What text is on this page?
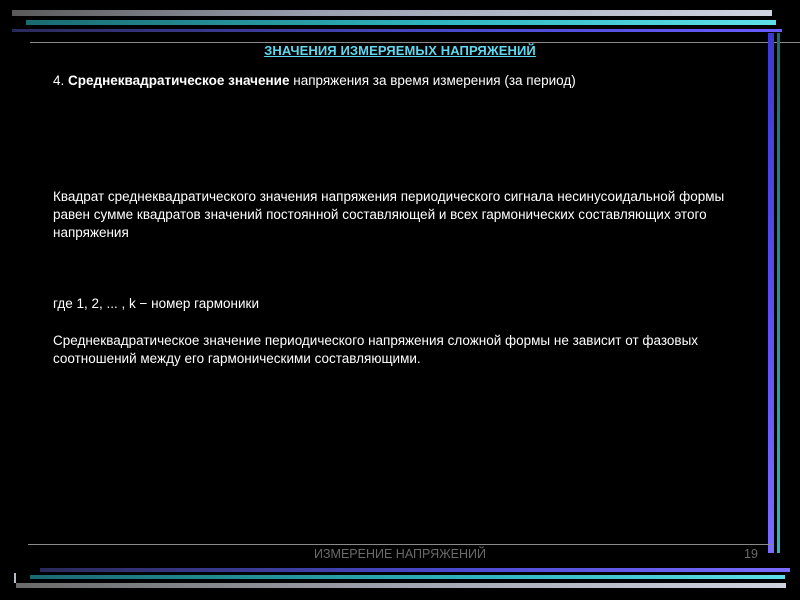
ЗНАЧЕНИЯ ИЗМЕРЯЕМЫХ НАПРЯЖЕНИЙ
4. Среднеквадратическое значение напряжения за время измерения (за период)
Квадрат среднеквадратического значения напряжения периодического сигнала несинусоидальной формы равен сумме квадратов значений постоянной составляющей и всех гармонических составляющих этого напряжения
где 1, 2, ... , k − номер гармоники
Среднеквадратическое значение периодического напряжения сложной формы не зависит от фазовых соотношений между его гармоническими составляющими.
ИЗМЕРЕНИЕ НАПРЯЖЕНИЙ	19
